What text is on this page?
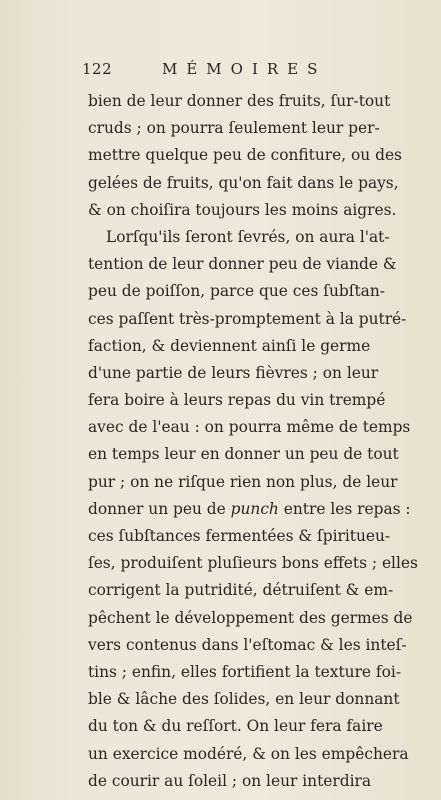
122	MÉMOIRES
bien de leur donner des fruits, ſur-tout
cruds ; on pourra ſeulement leur per-
mettre quelque peu de confiture, ou des
gelées de fruits, qu'on fait dans le pays,
& on choiſira toujours les moins aigres.
Lorſqu'ils ſeront ſevrés, on aura l'at-
tention de leur donner peu de viande &
peu de poiſſon, parce que ces ſubſtan-
ces paſſent très-promptement à la putré-
faction, & deviennent ainſi le germe
d'une partie de leurs fièvres ; on leur
fera boire à leurs repas du vin trempé
avec de l'eau : on pourra même de temps
en temps leur en donner un peu de tout
pur ; on ne riſque rien non plus, de leur
donner un peu de punch entre les repas :
ces ſubſtances fermentées & ſpiritueu-
ſes, produiſent pluſieurs bons effets ; elles
corrigent la putridité, détruiſent & em-
pêchent le développement des germes de
vers contenus dans l'eſtomac & les inteſ-
tins ; enfin, elles fortifient la texture foi-
ble & lâche des ſolides, en leur donnant
du ton & du reſſort. On leur fera faire
un exercice modéré, & on les empêchera
de courir au ſoleil ; on leur interdira
